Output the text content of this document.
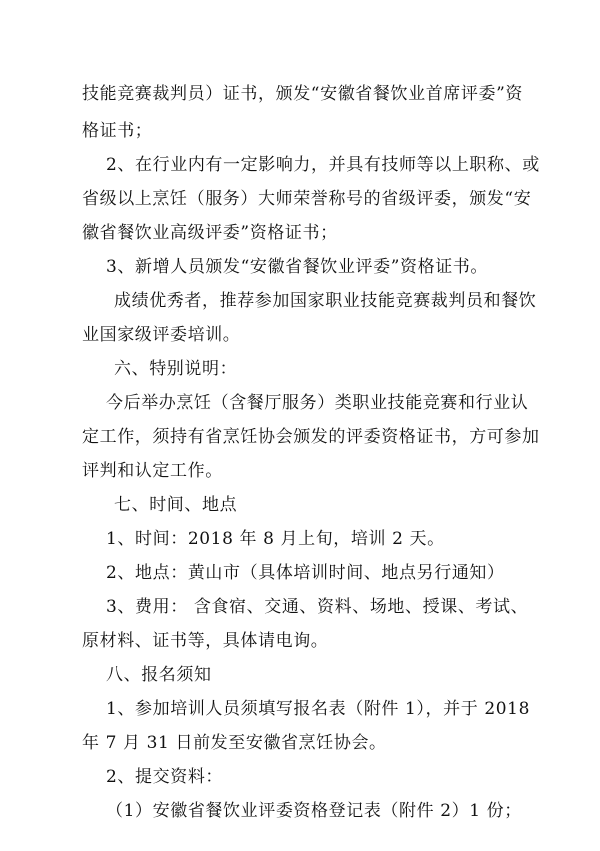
技能竞赛裁判员）证书，颁发“安徽省餐饮业首席评委”资
格证书；
2、在行业内有一定影响力，并具有技师等以上职称、或
省级以上烹饪（服务）大师荣誉称号的省级评委，颁发“安
徽省餐饮业高级评委”资格证书；
3、新增人员颁发“安徽省餐饮业评委”资格证书。
成绩优秀者，推荐参加国家职业技能竞赛裁判员和餐饮
业国家级评委培训。
六、特别说明：
今后举办烹饪（含餐厅服务）类职业技能竞赛和行业认
定工作，须持有省烹饪协会颁发的评委资格证书，方可参加
评判和认定工作。
七、时间、地点
1、时间：2018 年 8 月上旬，培训 2 天。
2、地点：黄山市（具体培训时间、地点另行通知）
3、费用： 含食宿、交通、资料、场地、授课、考试、
原材料、证书等，具体请电询。
八、报名须知
1、参加培训人员须填写报名表（附件 1），并于 2018
年 7 月 31 日前发至安徽省烹饪协会。
2、提交资料：
（1）安徽省餐饮业评委资格登记表（附件 2）1 份；
